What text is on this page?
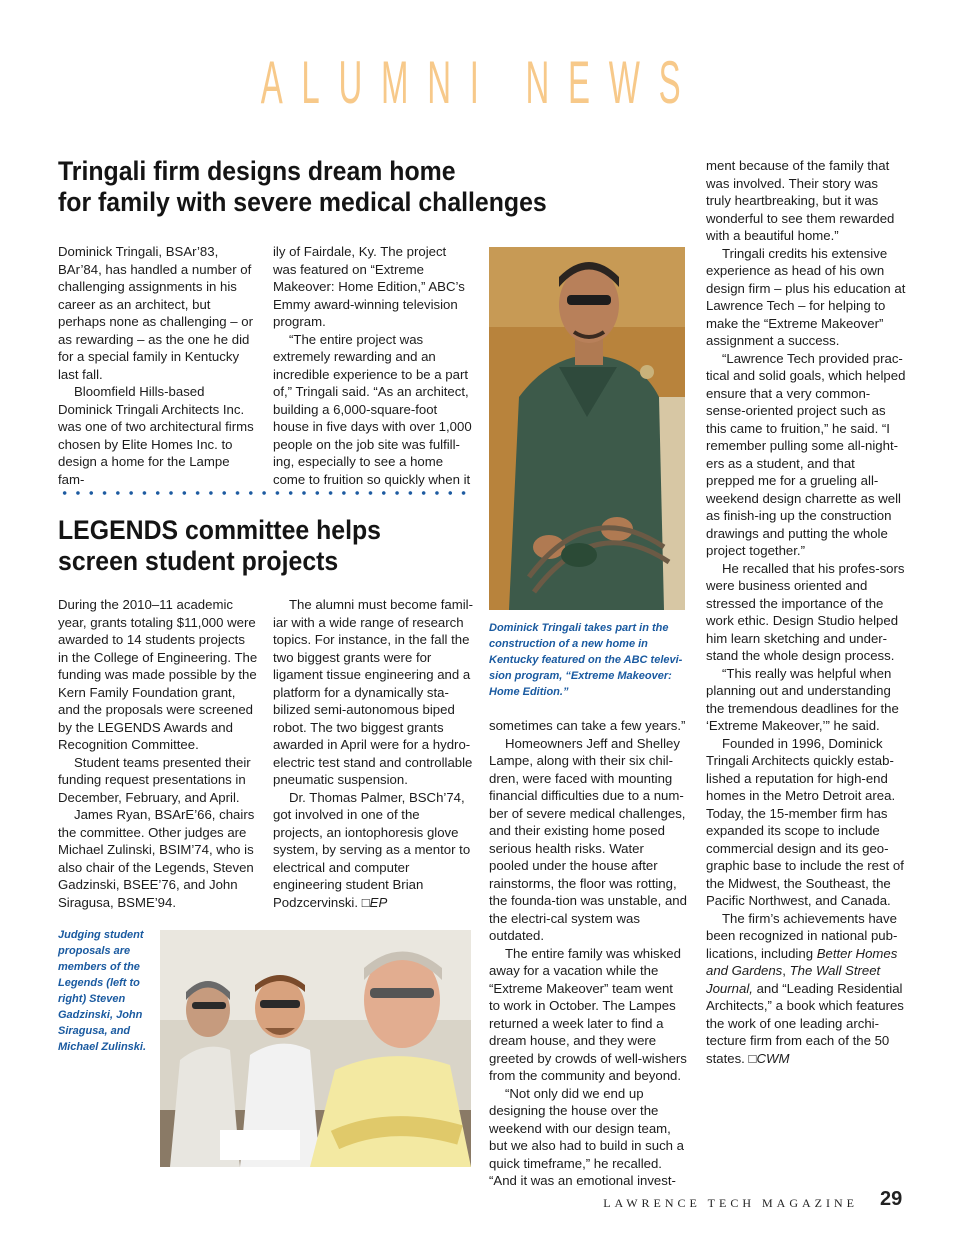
ALUMNI NEWS
Tringali firm designs dream home
for family with severe medical challenges

Dominick Tringali, BSAr’83, BAr’84, has handled a number of challenging assignments in his career as an architect, but perhaps none as challenging – or as rewarding – as the one he did for a special family in Kentucky last fall.

Bloomfield Hills-based Dominick Tringali Architects Inc. was one of two architectural firms chosen by Elite Homes Inc. to design a home for the Lampe fam-

ily of Fairdale, Ky. The project was featured on “Extreme Makeover: Home Edition,” ABC’s Emmy award-winning television program.

“The entire project was extremely rewarding and an incredible experience to be a part of,” Tringali said. “As an architect, building a 6,000-square-foot house in five days with over 1,000 people on the job site was fulfill-ing, especially to see a home come to fruition so quickly when it

Dominick Tringali takes part in the construction of a new home in Kentucky featured on the ABC televi-sion program, “Extreme Makeover: Home Edition.”

sometimes can take a few years.”

Homeowners Jeff and Shelley Lampe, along with their six chil-dren, were faced with mounting financial difficulties due to a num-ber of severe medical challenges, and their existing home posed serious health risks. Water pooled under the house after rainstorms, the floor was rotting, the founda-tion was unstable, and the electri-cal system was outdated.

The entire family was whisked away for a vacation while the “Extreme Makeover” team went to work in October. The Lampes returned a week later to find a dream house, and they were greeted by crowds of well-wishers from the community and beyond.

“Not only did we end up designing the house over the weekend with our design team, but we also had to build in such a quick timeframe,” he recalled. “And it was an emotional invest-

ment because of the family that was involved. Their story was truly heartbreaking, but it was wonderful to see them rewarded with a beautiful home.”

Tringali credits his extensive experience as head of his own design firm – plus his education at Lawrence Tech – for helping to make the “Extreme Makeover” assignment a success.

“Lawrence Tech provided prac-tical and solid goals, which helped ensure that a very common-sense-oriented project such as this came to fruition,” he said. “I remember pulling some all-night-ers as a student, and that prepped me for a grueling all-weekend design charrette as well as finish-ing up the construction drawings and putting the whole project together.”

He recalled that his profes-sors were business oriented and stressed the importance of the work ethic. Design Studio helped him learn sketching and under-stand the whole design process.

“This really was helpful when planning out and understanding the tremendous deadlines for the ‘Extreme Makeover,’” he said.

Founded in 1996, Dominick Tringali Architects quickly estab-lished a reputation for high-end homes in the Metro Detroit area. Today, the 15-member firm has expanded its scope to include commercial design and its geo-graphic base to include the rest of the Midwest, the Southeast, the Pacific Northwest, and Canada.

The firm’s achievements have been recognized in national pub-lications, including Better Homes and Gardens, The Wall Street Journal, and “Leading Residential Architects,” a book which features the work of one leading archi-tecture firm from each of the 50 states. □CWM

LEGENDS committee helps
screen student projects

During the 2010–11 academic year, grants totaling $11,000 were awarded to 14 students projects in the College of Engineering. The funding was made possible by the Kern Family Foundation grant, and the proposals were screened by the LEGENDS Awards and Recognition Committee.

Student teams presented their funding request presentations in December, February, and April.

James Ryan, BSArE’66, chairs the committee. Other judges are Michael Zulinski, BSIM’74, who is also chair of the Legends, Steven Gadzinski, BSEE’76, and John Siragusa, BSME’94.

The alumni must become famil-iar with a wide range of research topics. For instance, in the fall the two biggest grants were for ligament tissue engineering and a platform for a dynamically sta-bilized semi-autonomous biped robot. The two biggest grants awarded in April were for a hydro-electric test stand and controllable pneumatic suspension.

Dr. Thomas Palmer, BSCh’74, got involved in one of the projects, an iontophoresis glove system, by serving as a mentor to electrical and computer engineering student Brian Podzcervinski. □EP

Judging student proposals are members of the Legends (left to right) Steven Gadzinski, John Siragusa, and Michael Zulinski.
LAWRENCE TECH MAGAZINE 29
